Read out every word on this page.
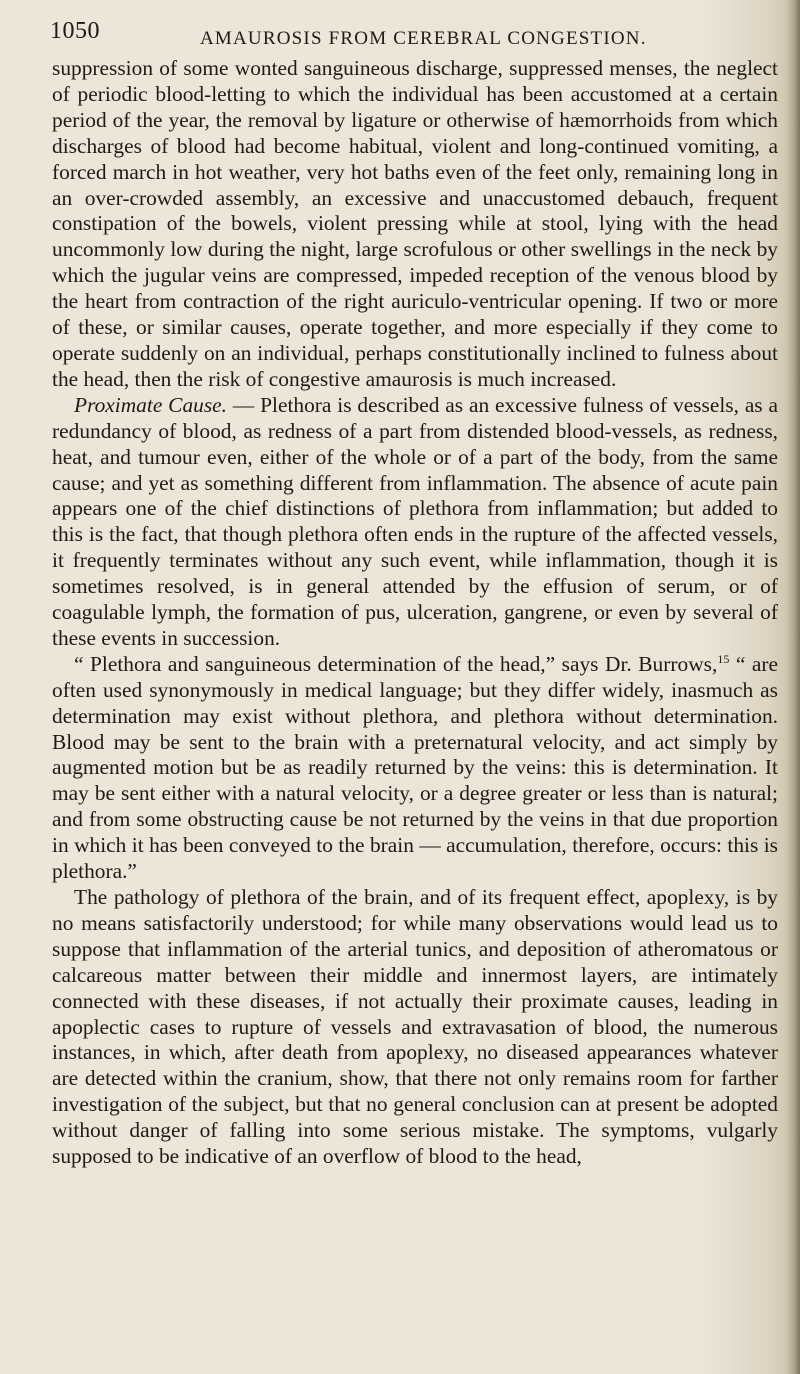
1050	AMAUROSIS FROM CEREBRAL CONGESTION.

suppression of some wonted sanguineous discharge, suppressed menses, the neglect of periodic blood-letting to which the individual has been accustomed at a certain period of the year, the removal by ligature or otherwise of hæmorrhoids from which discharges of blood had become habitual, violent and long-continued vomiting, a forced march in hot weather, very hot baths even of the feet only, remaining long in an over-crowded assembly, an excessive and unaccustomed debauch, frequent constipation of the bowels, violent pressing while at stool, lying with the head uncommonly low during the night, large scrofulous or other swellings in the neck by which the jugular veins are compressed, impeded reception of the venous blood by the heart from contraction of the right auriculo-ventricular opening. If two or more of these, or similar causes, operate together, and more especially if they come to operate suddenly on an individual, perhaps constitutionally inclined to fulness about the head, then the risk of congestive amaurosis is much increased.

Proximate Cause. — Plethora is described as an excessive fulness of vessels, as a redundancy of blood, as redness of a part from distended blood-vessels, as redness, heat, and tumour even, either of the whole or of a part of the body, from the same cause; and yet as something different from inflammation. The absence of acute pain appears one of the chief distinctions of plethora from inflammation; but added to this is the fact, that though plethora often ends in the rupture of the affected vessels, it frequently terminates without any such event, while inflammation, though it is sometimes resolved, is in general attended by the effusion of serum, or of coagulable lymph, the formation of pus, ulceration, gangrene, or even by several of these events in succession.

“ Plethora and sanguineous determination of the head,” says Dr. Burrows,$^{15}$ “ are often used synonymously in medical language; but they differ widely, inasmuch as determination may exist without plethora, and plethora without determination. Blood may be sent to the brain with a preternatural velocity, and act simply by augmented motion but be as readily returned by the veins: this is determination. It may be sent either with a natural velocity, or a degree greater or less than is natural; and from some obstructing cause be not returned by the veins in that due proportion in which it has been conveyed to the brain — accumulation, therefore, occurs: this is plethora.”

The pathology of plethora of the brain, and of its frequent effect, apoplexy, is by no means satisfactorily understood; for while many observations would lead us to suppose that inflammation of the arterial tunics, and deposition of atheromatous or calcareous matter between their middle and innermost layers, are intimately connected with these diseases, if not actually their proximate causes, leading in apoplectic cases to rupture of vessels and extravasation of blood, the numerous instances, in which, after death from apoplexy, no diseased appearances whatever are detected within the cranium, show, that there not only remains room for farther investigation of the subject, but that no general conclusion can at present be adopted without danger of falling into some serious mistake. The symptoms, vulgarly supposed to be indicative of an overflow of blood to the head,
